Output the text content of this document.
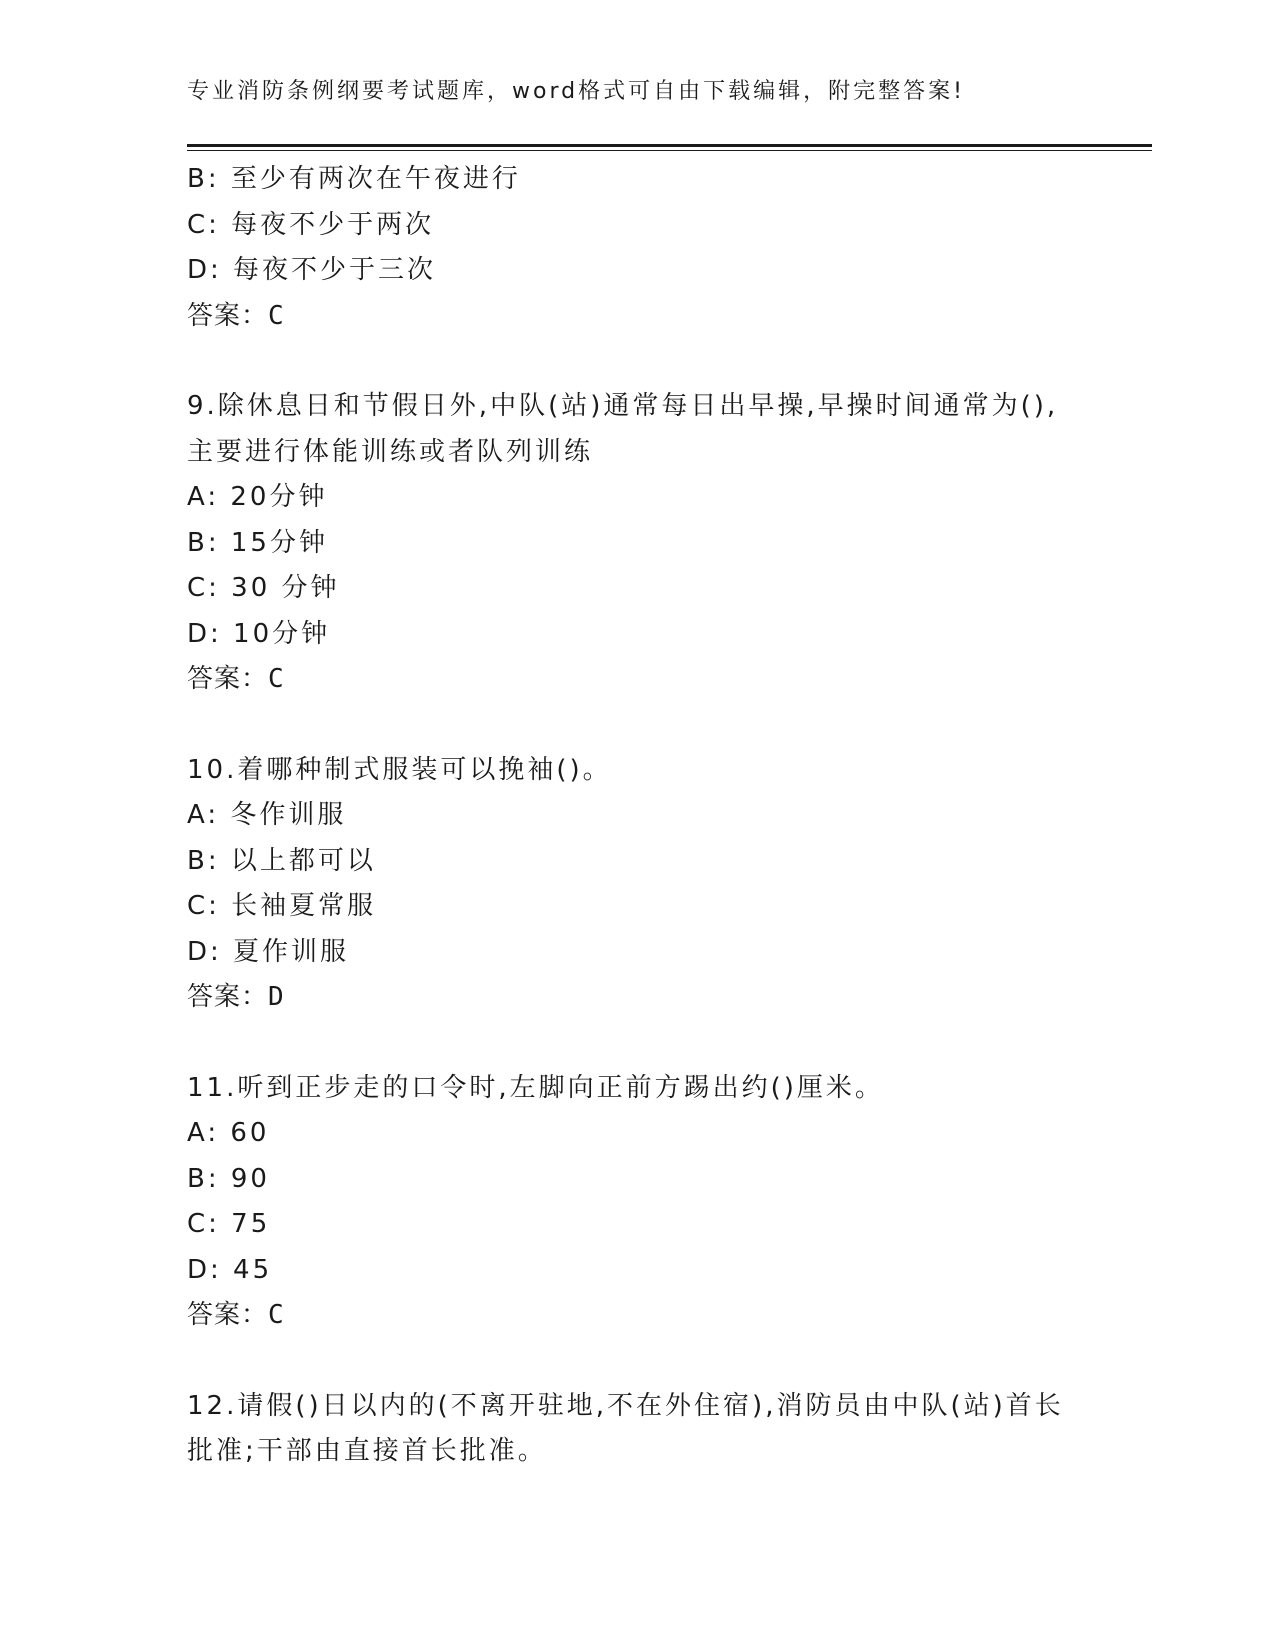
专业消防条例纲要考试题库，word格式可自由下载编辑，附完整答案!
B: 至少有两次在午夜进行
C: 每夜不少于两次
D: 每夜不少于三次
答案：C
9.除休息日和节假日外,中队(站)通常每日出早操,早操时间通常为(),
主要进行体能训练或者队列训练
A: 20分钟
B: 15分钟
C: 30 分钟
D: 10分钟
答案：C
10.着哪种制式服装可以挽袖()。
A: 冬作训服
B: 以上都可以
C: 长袖夏常服
D: 夏作训服
答案：D
11.听到正步走的口令时,左脚向正前方踢出约()厘米。
A: 60
B: 90
C: 75
D: 45
答案：C
12.请假()日以内的(不离开驻地,不在外住宿),消防员由中队(站)首长
批准;干部由直接首长批准。
